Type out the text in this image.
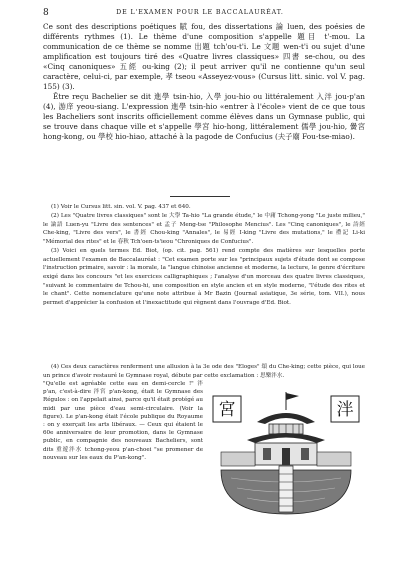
8	DE L'EXAMEN POUR LE BACCALAURÉAT.

Ce sont des descriptions poétiques 賦 fou, des dissertations 論 luen, des poésies de différents rythmes (1). Le thème d'une composition s'appelle 題目 t'-mou. La communication de ce thème se nomme 出題 tch'ou-t'i. Le 文題 wen-t'i ou sujet d'une amplification est toujours tiré des «Quatre livres classiques» 四書 se-chou, ou des «Cinq canoniques» 五經 ou-king (2); il peut arriver qu'il ne contienne qu'un seul caractère, celui-ci, par exemple, 孝 tseou «Asseyez-vous» (Cursus litt. sinic. vol V. pag. 155) (3).

Être reçu Bachelier se dit 進學 tsin-hio, 入學 jou-hio ou littéralement 入泮 jou-p'an (4), 游庠 yeou-siang. L'expression 進學 tsin-hio «entrer à l'école» vient de ce que tous les Bacheliers sont inscrits officiellement comme élèves dans un Gymnase public, qui se trouve dans chaque ville et s'appelle 學宮 hio-hong, littéralement 儒學 jou-hio, 黌宮 hong-kong, ou 學校 hio-hiao, attaché à la pagode de Confucius (夫子廟 Fou-tse-miao).

(1) Voir le Cursus litt. sin. vol. V. pag. 437 et 640.

(2) Les "Quatre livres classiques" sont le 大學 Ta-hio "La grande étude," le 中庸 Tchong-yong "Le juste milieu," le 論語 Luen-yu "Livre des sentences" et 孟子 Meng-tse "Philosophe Mencius". Les "Cinq canoniques", le 詩經 Che-king, "Livre des vers", le 書經 Chou-king "Annales", le 易經 I-king "Livre des mutations," le 禮記 Li-ki "Mémorial des rites" et le 春秋 Tch'oen-ts'ieou "Chroniques de Confucius".

(3) Voici en quels termes Ed. Biot, (op. cit. pag. 561) rend compte des matières sur lesquelles porte actuellement l'examen de Baccalauréat : "Cet examen porte sur les "principaux sujets d'étude dont se compose l'instruction primaire, savoir : la morale, la "langue chinoise ancienne et moderne, la lecture, le genre d'écriture exigé dans les concours "et les exercices calligraphiques ; l'analyse d'un morceau des quatre livres classiques, "suivant le commentaire de Tchou-hi, une composition en style ancien et en style moderne, "l'étude des rites et le chant". Cette nomenclature qu'une note attribue à Mr Bazin (Journal asiatique, 3e série, tom. VII.), nous permet d'apprécier la confusion et l'inexactitude qui règnent dans l'ouvrage d'Ed. Biot.

(4) Ces deux caractères renferment une allusion à la 3e ode des "Eloges" 頌 du Che-king; cette pièce, qui loue un prince d'avoir restauré le Gymnase royal, débute par cette exclamation : 思樂泮水.

"Qu'elle est agréable cette eau en demi-cercle !" 泮 p'an, c'est-à-dire 泮宮 p'an-kong, était le Gymnase des Régulos : on l'appelait ainsi, parce qu'il était protégé au midi par une pièce d'eau semi-circulaire. (Voir la figure). Le p'an-kong était l'école publique du Royaume : on y exerçait les arts libéraux. — Ceux qui étaient le 60e anniversaire de leur promotion, dans le Gymnase public, en compagnie des nouveaux Bacheliers, sont dits 重遊泮水 tchong-yeou p'an-choei "se promener de nouveau sur les eaux du P'an-kong".

宮	泮
